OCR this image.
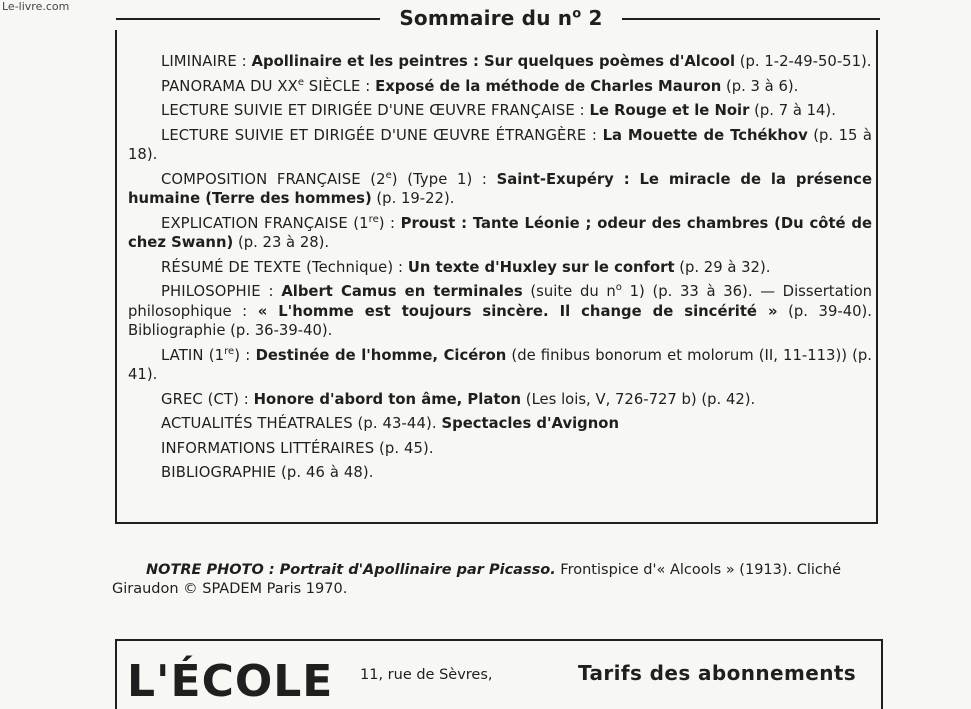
Le-livre.com	Sommaire du $n^o$ 2

LIMINAIRE : Apollinaire et les peintres : Sur quelques poèmes d'Alcool (p. 1-2-49-50-51).

PANORAMA DU XXe SIÈCLE : Exposé de la méthode de Charles Mauron (p. 3 à 6).

LECTURE SUIVIE ET DIRIGÉE D'UNE ŒUVRE FRANÇAISE : Le Rouge et le Noir (p. 7 à 14).

LECTURE SUIVIE ET DIRIGÉE D'UNE ŒUVRE ÉTRANGÈRE : La Mouette de Tchékhov (p. 15 à 18).

COMPOSITION FRANÇAISE (2e) (Type 1) : Saint-Exupéry : Le miracle de la présence humaine (Terre des hommes) (p. 19-22).

EXPLICATION FRANÇAISE (1re) : Proust : Tante Léonie ; odeur des chambres (Du côté de chez Swann) (p. 23 à 28).

RÉSUMÉ DE TEXTE (Technique) : Un texte d'Huxley sur le confort (p. 29 à 32).

PHILOSOPHIE : Albert Camus en terminales (suite du $n^o$ 1) (p. 33 à 36). — Dissertation philosophique : « L'homme est toujours sincère. Il change de sincérité » (p. 39-40). Bibliographie (p. 36-39-40).

LATIN (1re) : Destinée de l'homme, Cicéron (de finibus bonorum et molorum (II, 11-113)) (p. 41).

GREC (CT) : Honore d'abord ton âme, Platon (Les lois, V, 726-727 b) (p. 42).

ACTUALITÉS THÉATRALES (p. 43-44). Spectacles d'Avignon

INFORMATIONS LITTÉRAIRES (p. 45).

BIBLIOGRAPHIE (p. 46 à 48).

NOTRE PHOTO : Portrait d'Apollinaire par Picasso. Frontispice d'« Alcools » (1913). Cliché Giraudon © SPADEM Paris 1970.

L'ÉCOLE 11, rue de Sèvres,	Tarifs des abonnements
